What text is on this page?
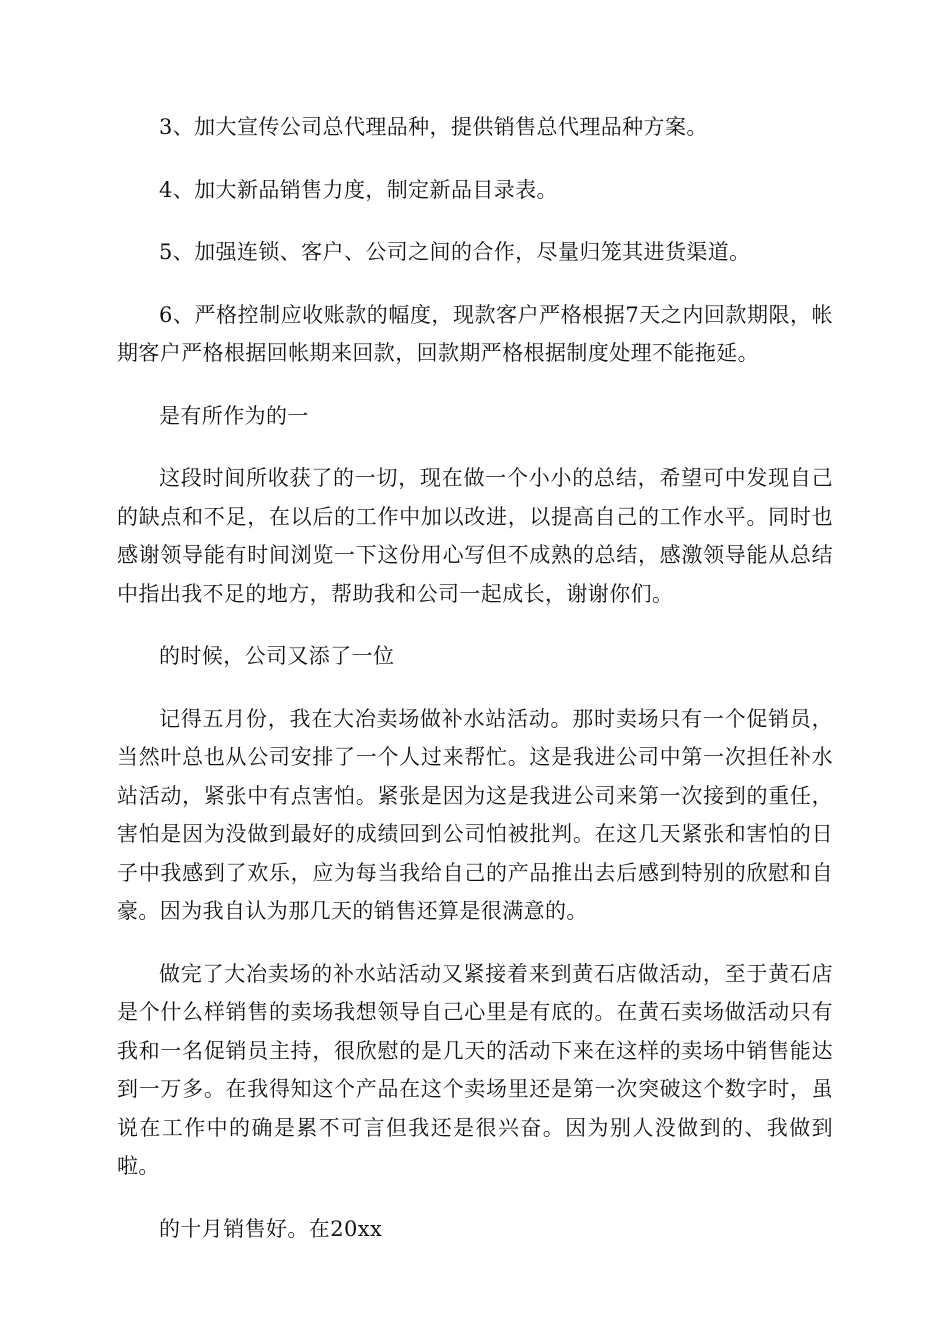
3、加大宣传公司总代理品种，提供销售总代理品种方案。

4、加大新品销售力度，制定新品目录表。

5、加强连锁、客户、公司之间的合作，尽量归笼其进货渠道。

6、严格控制应收账款的幅度，现款客户严格根据7天之内回款期限，帐期客户严格根据回帐期来回款，回款期严格根据制度处理不能拖延。

是有所作为的一

这段时间所收获了的一切，现在做一个小小的总结，希望可中发现自己的缺点和不足，在以后的工作中加以改进，以提高自己的工作水平。同时也感谢领导能有时间浏览一下这份用心写但不成熟的总结，感激领导能从总结中指出我不足的地方，帮助我和公司一起成长，谢谢你们。

的时候，公司又添了一位

记得五月份，我在大冶卖场做补水站活动。那时卖场只有一个促销员，当然叶总也从公司安排了一个人过来帮忙。这是我进公司中第一次担任补水站活动，紧张中有点害怕。紧张是因为这是我进公司来第一次接到的重任，害怕是因为没做到最好的成绩回到公司怕被批判。在这几天紧张和害怕的日子中我感到了欢乐，应为每当我给自己的产品推出去后感到特别的欣慰和自豪。因为我自认为那几天的销售还算是很满意的。

做完了大冶卖场的补水站活动又紧接着来到黄石店做活动，至于黄石店是个什么样销售的卖场我想领导自己心里是有底的。在黄石卖场做活动只有我和一名促销员主持，很欣慰的是几天的活动下来在这样的卖场中销售能达到一万多。在我得知这个产品在这个卖场里还是第一次突破这个数字时，虽说在工作中的确是累不可言但我还是很兴奋。因为别人没做到的、我做到啦。

的十月销售好。在20xx
